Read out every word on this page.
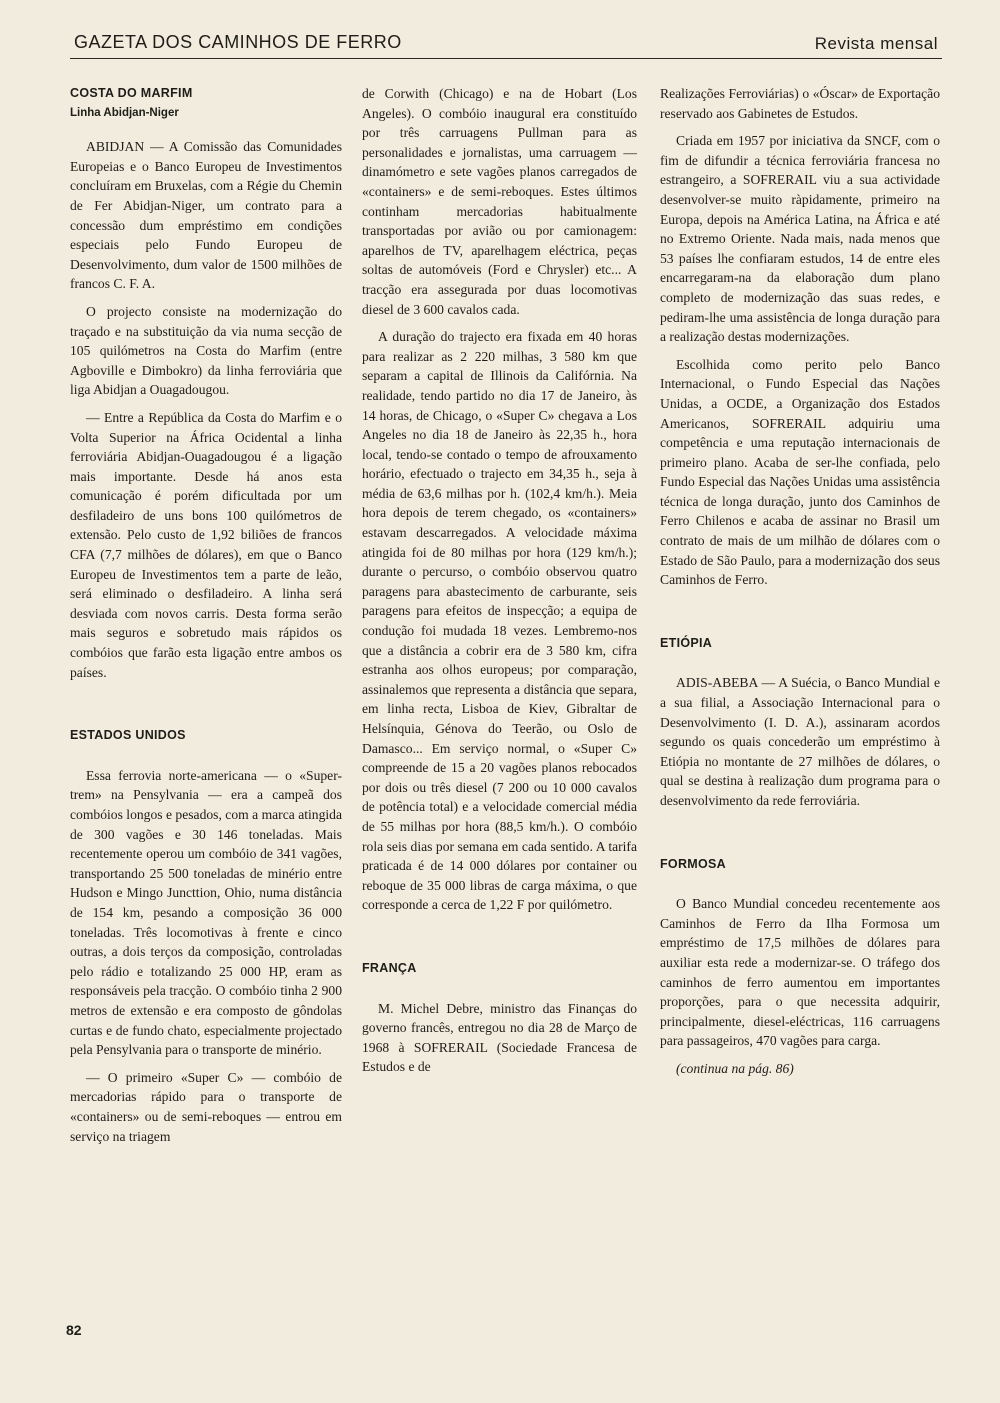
GAZETA DOS CAMINHOS DE FERRO	Revista mensal
COSTA DO MARFIM
Linha Abidjan-Niger

ABIDJAN — A Comissão das Comunidades Europeias e o Banco Europeu de Investimentos concluíram em Bruxelas, com a Régie du Chemin de Fer Abidjan-Niger, um contrato para a concessão dum empréstimo em condições especiais pelo Fundo Europeu de Desenvolvimento, dum valor de 1500 milhões de francos C. F. A.

O projecto consiste na modernização do traçado e na substituição da via numa secção de 105 quilómetros na Costa do Marfim (entre Agboville e Dimbokro) da linha ferroviária que liga Abidjan a Ouagadougou.

— Entre a República da Costa do Marfim e o Volta Superior na África Ocidental a linha ferroviária Abidjan-Ouagadougou é a ligação mais importante. Desde há anos esta comunicação é porém dificultada por um desfiladeiro de uns bons 100 quilómetros de extensão. Pelo custo de 1,92 biliões de francos CFA (7,7 milhões de dólares), em que o Banco Europeu de Investimentos tem a parte de leão, será eliminado o desfiladeiro. A linha será desviada com novos carris. Desta forma serão mais seguros e sobretudo mais rápidos os combóios que farão esta ligação entre ambos os países.

ESTADOS UNIDOS

Essa ferrovia norte-americana — o «Super-trem» na Pensylvania — era a campeã dos combóios longos e pesados, com a marca atingida de 300 vagões e 30 146 toneladas. Mais recentemente operou um combóio de 341 vagões, transportando 25 500 toneladas de minério entre Hudson e Mingo Juncttion, Ohio, numa distância de 154 km, pesando a composição 36 000 toneladas. Três locomotivas à frente e cinco outras, a dois terços da composição, controladas pelo rádio e totalizando 25 000 HP, eram as responsáveis pela tracção. O combóio tinha 2 900 metros de extensão e era composto de gôndolas curtas e de fundo chato, especialmente projectado pela Pensylvania para o transporte de minério.

— O primeiro «Super C» — combóio de mercadorias rápido para o transporte de «containers» ou de semi-reboques — entrou em serviço na triagem

de Corwith (Chicago) e na de Hobart (Los Angeles). O combóio inaugural era constituído por três carruagens Pullman para as personalidades e jornalistas, uma carruagem — dinamómetro e sete vagões planos carregados de «containers» e de semi-reboques. Estes últimos continham mercadorias habitualmente transportadas por avião ou por camionagem: aparelhos de TV, aparelhagem eléctrica, peças soltas de automóveis (Ford e Chrysler) etc... A tracção era assegurada por duas locomotivas diesel de 3 600 cavalos cada.

A duração do trajecto era fixada em 40 horas para realizar as 2 220 milhas, 3 580 km que separam a capital de Illinois da Califórnia. Na realidade, tendo partido no dia 17 de Janeiro, às 14 horas, de Chicago, o «Super C» chegava a Los Angeles no dia 18 de Janeiro às 22,35 h., hora local, tendo-se contado o tempo de afrouxamento horário, efectuado o trajecto em 34,35 h., seja à média de 63,6 milhas por h. (102,4 km/h.). Meia hora depois de terem chegado, os «containers» estavam descarregados. A velocidade máxima atingida foi de 80 milhas por hora (129 km/h.); durante o percurso, o combóio observou quatro paragens para abastecimento de carburante, seis paragens para efeitos de inspecção; a equipa de condução foi mudada 18 vezes. Lembremo-nos que a distância a cobrir era de 3 580 km, cifra estranha aos olhos europeus; por comparação, assinalemos que representa a distância que separa, em linha recta, Lisboa de Kiev, Gibraltar de Helsínquia, Génova do Teerão, ou Oslo de Damasco... Em serviço normal, o «Super C» compreende de 15 a 20 vagões planos rebocados por dois ou três diesel (7 200 ou 10 000 cavalos de potência total) e a velocidade comercial média de 55 milhas por hora (88,5 km/h.). O combóio rola seis dias por semana em cada sentido. A tarifa praticada é de 14 000 dólares por container ou reboque de 35 000 libras de carga máxima, o que corresponde a cerca de 1,22 F por quilómetro.

FRANÇA

M. Michel Debre, ministro das Finanças do governo francês, entregou no dia 28 de Março de 1968 à SOFRERAIL (Sociedade Francesa de Estudos e de

Realizações Ferroviárias) o «Óscar» de Exportação reservado aos Gabinetes de Estudos.

Criada em 1957 por iniciativa da SNCF, com o fim de difundir a técnica ferroviária francesa no estrangeiro, a SOFRERAIL viu a sua actividade desenvolver-se muito ràpidamente, primeiro na Europa, depois na América Latina, na África e até no Extremo Oriente. Nada mais, nada menos que 53 países lhe confiaram estudos, 14 de entre eles encarregaram-na da elaboração dum plano completo de modernização das suas redes, e pediram-lhe uma assistência de longa duração para a realização destas modernizações.

Escolhida como perito pelo Banco Internacional, o Fundo Especial das Nações Unidas, a OCDE, a Organização dos Estados Americanos, SOFRERAIL adquiriu uma competência e uma reputação internacionais de primeiro plano. Acaba de ser-lhe confiada, pelo Fundo Especial das Nações Unidas uma assistência técnica de longa duração, junto dos Caminhos de Ferro Chilenos e acaba de assinar no Brasil um contrato de mais de um milhão de dólares com o Estado de São Paulo, para a modernização dos seus Caminhos de Ferro.

ETIÓPIA

ADIS-ABEBA — A Suécia, o Banco Mundial e a sua filial, a Associação Internacional para o Desenvolvimento (I. D. A.), assinaram acordos segundo os quais concederão um empréstimo à Etiópia no montante de 27 milhões de dólares, o qual se destina à realização dum programa para o desenvolvimento da rede ferroviária.

FORMOSA

O Banco Mundial concedeu recentemente aos Caminhos de Ferro da Ilha Formosa um empréstimo de 17,5 milhões de dólares para auxiliar esta rede a modernizar-se. O tráfego dos caminhos de ferro aumentou em importantes proporções, para o que necessita adquirir, principalmente, diesel-eléctricas, 116 carruagens para passageiros, 470 vagões para carga.

(continua na pág. 86)

82
